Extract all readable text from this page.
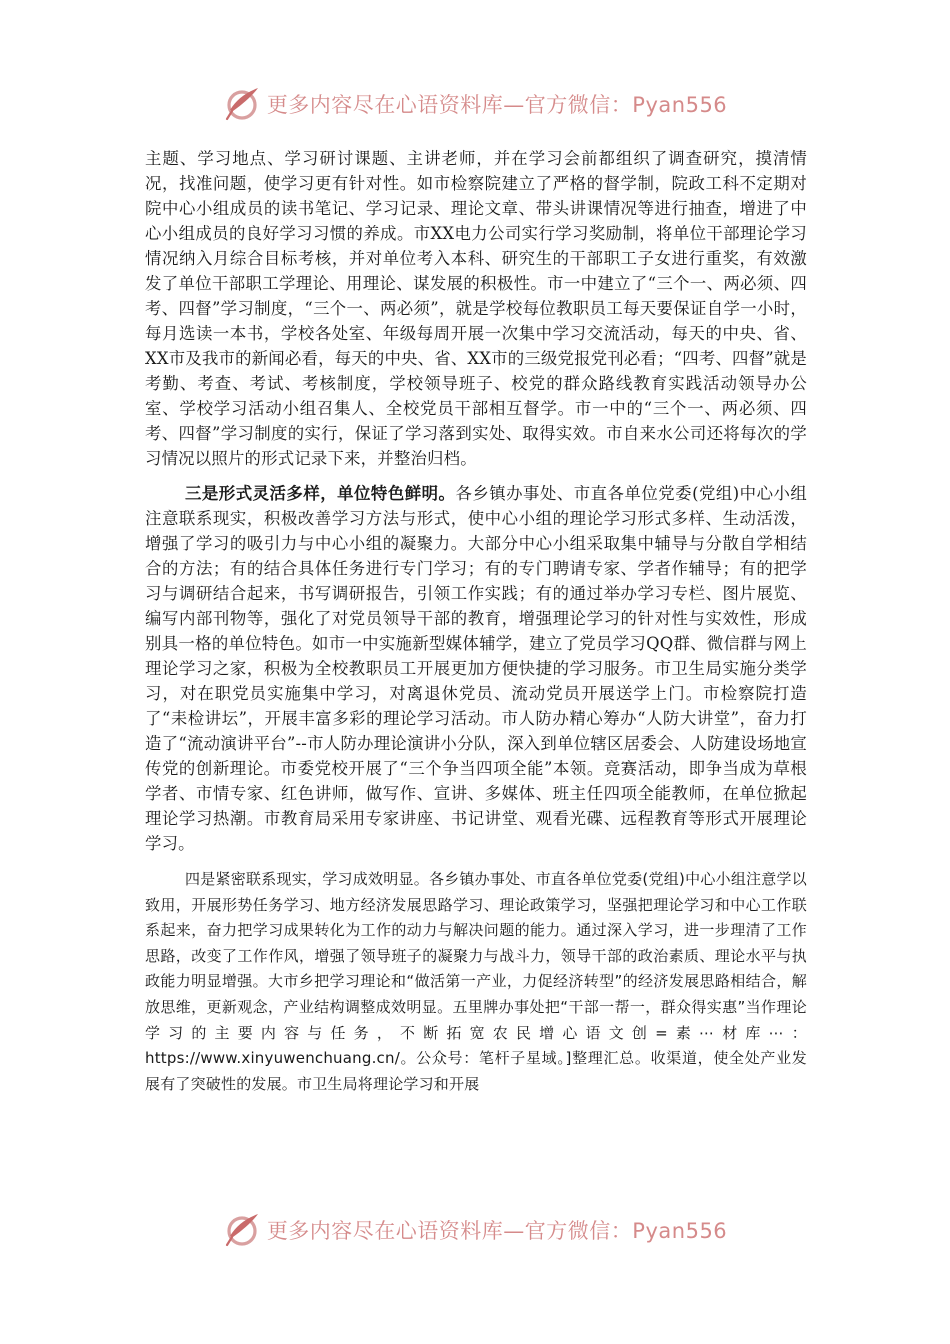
更多内容尽在心语资料库—官方微信：Pyan556

主题、学习地点、学习研讨课题、主讲老师，并在学习会前都组织了调查研究，摸清情况，找准问题，使学习更有针对性。如市检察院建立了严格的督学制，院政工科不定期对院中心小组成员的读书笔记、学习记录、理论文章、带头讲课情况等进行抽查，增进了中心小组成员的良好学习习惯的养成。市XX电力公司实行学习奖励制，将单位干部理论学习情况纳入月综合目标考核，并对单位考入本科、研究生的干部职工子女进行重奖，有效激发了单位干部职工学理论、用理论、谋发展的积极性。市一中建立了“三个一、两必须、四考、四督”学习制度，“三个一、两必须”，就是学校每位教职员工每天要保证自学一小时，每月选读一本书，学校各处室、年级每周开展一次集中学习交流活动，每天的中央、省、XX市及我市的新闻必看，每天的中央、省、XX市的三级党报党刊必看；“四考、四督”就是考勤、考查、考试、考核制度，学校领导班子、校党的群众路线教育实践活动领导办公室、学校学习活动小组召集人、全校党员干部相互督学。市一中的“三个一、两必须、四考、四督”学习制度的实行，保证了学习落到实处、取得实效。市自来水公司还将每次的学习情况以照片的形式记录下来，并整治归档。

三是形式灵活多样，单位特色鲜明。各乡镇办事处、市直各单位党委(党组)中心小组注意联系现实，积极改善学习方法与形式，使中心小组的理论学习形式多样、生动活泼，增强了学习的吸引力与中心小组的凝聚力。大部分中心小组采取集中辅导与分散自学相结合的方法；有的结合具体任务进行专门学习；有的专门聘请专家、学者作辅导；有的把学习与调研结合起来，书写调研报告，引领工作实践；有的通过举办学习专栏、图片展览、编写内部刊物等，强化了对党员领导干部的教育，增强理论学习的针对性与实效性，形成别具一格的单位特色。如市一中实施新型媒体辅学，建立了党员学习QQ群、微信群与网上理论学习之家，积极为全校教职员工开展更加方便快捷的学习服务。市卫生局实施分类学习，对在职党员实施集中学习，对离退休党员、流动党员开展送学上门。市检察院打造了“耒检讲坛”，开展丰富多彩的理论学习活动。市人防办精心筹办“人防大讲堂”，奋力打造了“流动演讲平台”--市人防办理论演讲小分队，深入到单位辖区居委会、人防建设场地宣传党的创新理论。市委党校开展了“三个争当四项全能”本领。竞赛活动，即争当成为草根学者、市情专家、红色讲师，做写作、宣讲、多媒体、班主任四项全能教师，在单位掀起理论学习热潮。市教育局采用专家讲座、书记讲堂、观看光碟、远程教育等形式开展理论学习。

四是紧密联系现实，学习成效明显。各乡镇办事处、市直各单位党委(党组)中心小组注意学以致用，开展形势任务学习、地方经济发展思路学习、理论政策学习，坚强把理论学习和中心工作联系起来，奋力把学习成果转化为工作的动力与解决问题的能力。通过深入学习，进一步理清了工作思路，改变了工作作风，增强了领导班子的凝聚力与战斗力，领导干部的政治素质、理论水平与执政能力明显增强。大市乡把学习理论和“做活第一产业，力促经济转型”的经济发展思路相结合，解放思维，更新观念，产业结构调整成效明显。五里牌办事处把“干部一帮一，群众得实惠”当作理论学习的主要内容与任务，不断拓宽农民增心语文创=素⋯材库⋯：https://www.xinyuwenchuang.cn/。公众号：笔杆子星域。]整理汇总。收渠道，使全处产业发展有了突破性的发展。市卫生局将理论学习和开展

更多内容尽在心语资料库—官方微信：Pyan556
